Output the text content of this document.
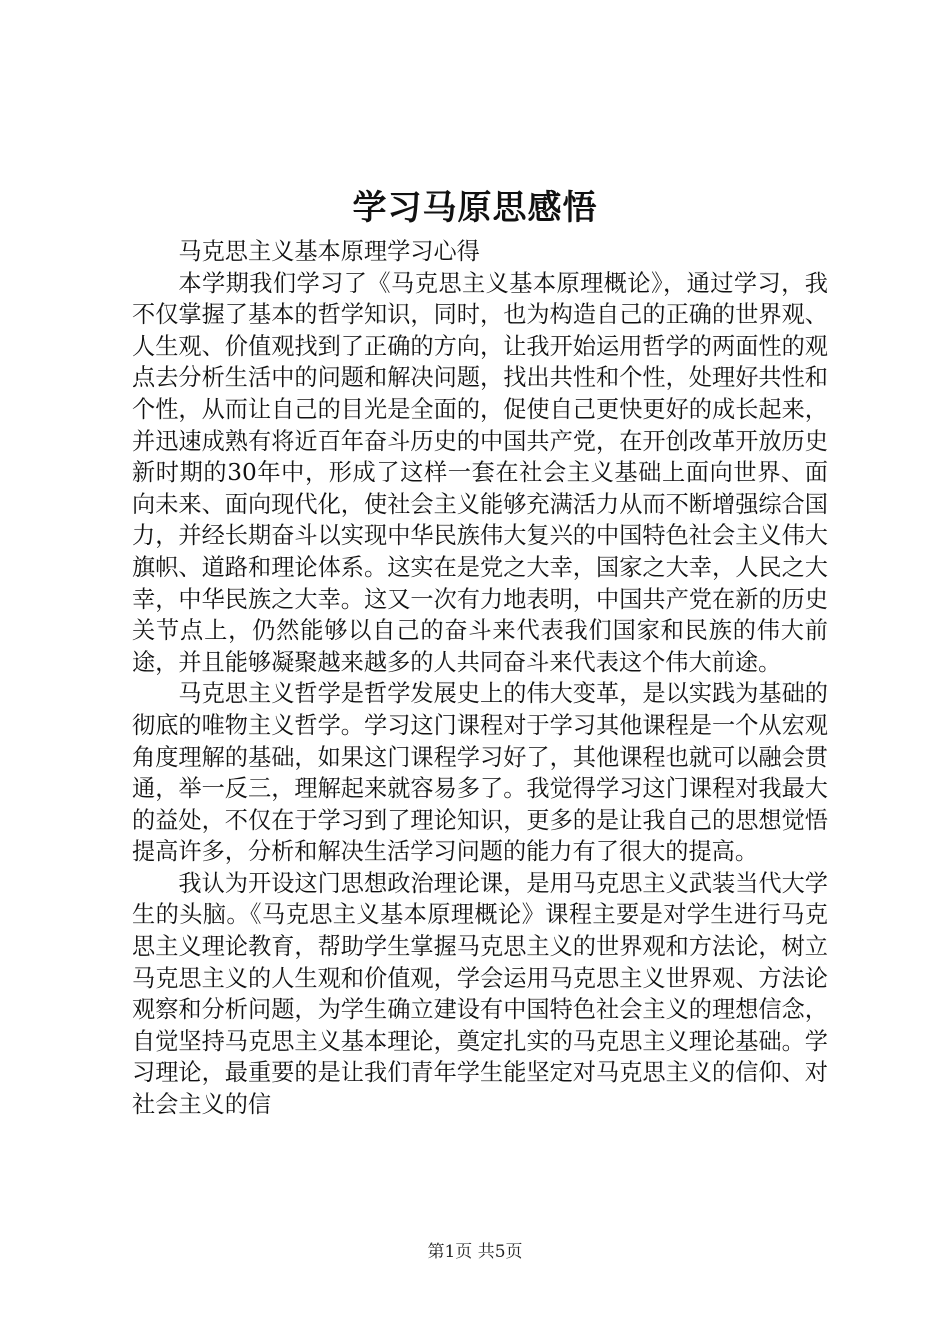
学习马原思感悟

马克思主义基本原理学习心得

本学期我们学习了《马克思主义基本原理概论》，通过学习，我不仅掌握了基本的哲学知识，同时，也为构造自己的正确的世界观、人生观、价值观找到了正确的方向，让我开始运用哲学的两面性的观点去分析生活中的问题和解决问题，找出共性和个性，处理好共性和个性，从而让自己的目光是全面的，促使自己更快更好的成长起来，并迅速成熟有将近百年奋斗历史的中国共产党，在开创改革开放历史新时期的30年中，形成了这样一套在社会主义基础上面向世界、面向未来、面向现代化，使社会主义能够充满活力从而不断增强综合国力，并经长期奋斗以实现中华民族伟大复兴的中国特色社会主义伟大旗帜、道路和理论体系。这实在是党之大幸，国家之大幸，人民之大幸，中华民族之大幸。这又一次有力地表明，中国共产党在新的历史关节点上，仍然能够以自己的奋斗来代表我们国家和民族的伟大前途，并且能够凝聚越来越多的人共同奋斗来代表这个伟大前途。

马克思主义哲学是哲学发展史上的伟大变革，是以实践为基础的彻底的唯物主义哲学。学习这门课程对于学习其他课程是一个从宏观角度理解的基础，如果这门课程学习好了，其他课程也就可以融会贯通，举一反三，理解起来就容易多了。我觉得学习这门课程对我最大的益处，不仅在于学习到了理论知识，更多的是让我自己的思想觉悟提高许多，分析和解决生活学习问题的能力有了很大的提高。

我认为开设这门思想政治理论课，是用马克思主义武装当代大学生的头脑。《马克思主义基本原理概论》课程主要是对学生进行马克思主义理论教育，帮助学生掌握马克思主义的世界观和方法论，树立马克思主义的人生观和价值观，学会运用马克思主义世界观、方法论观察和分析问题，为学生确立建设有中国特色社会主义的理想信念，自觉坚持马克思主义基本理论，奠定扎实的马克思主义理论基础。学习理论，最重要的是让我们青年学生能坚定对马克思主义的信仰、对社会主义的信

第1页 共5页
